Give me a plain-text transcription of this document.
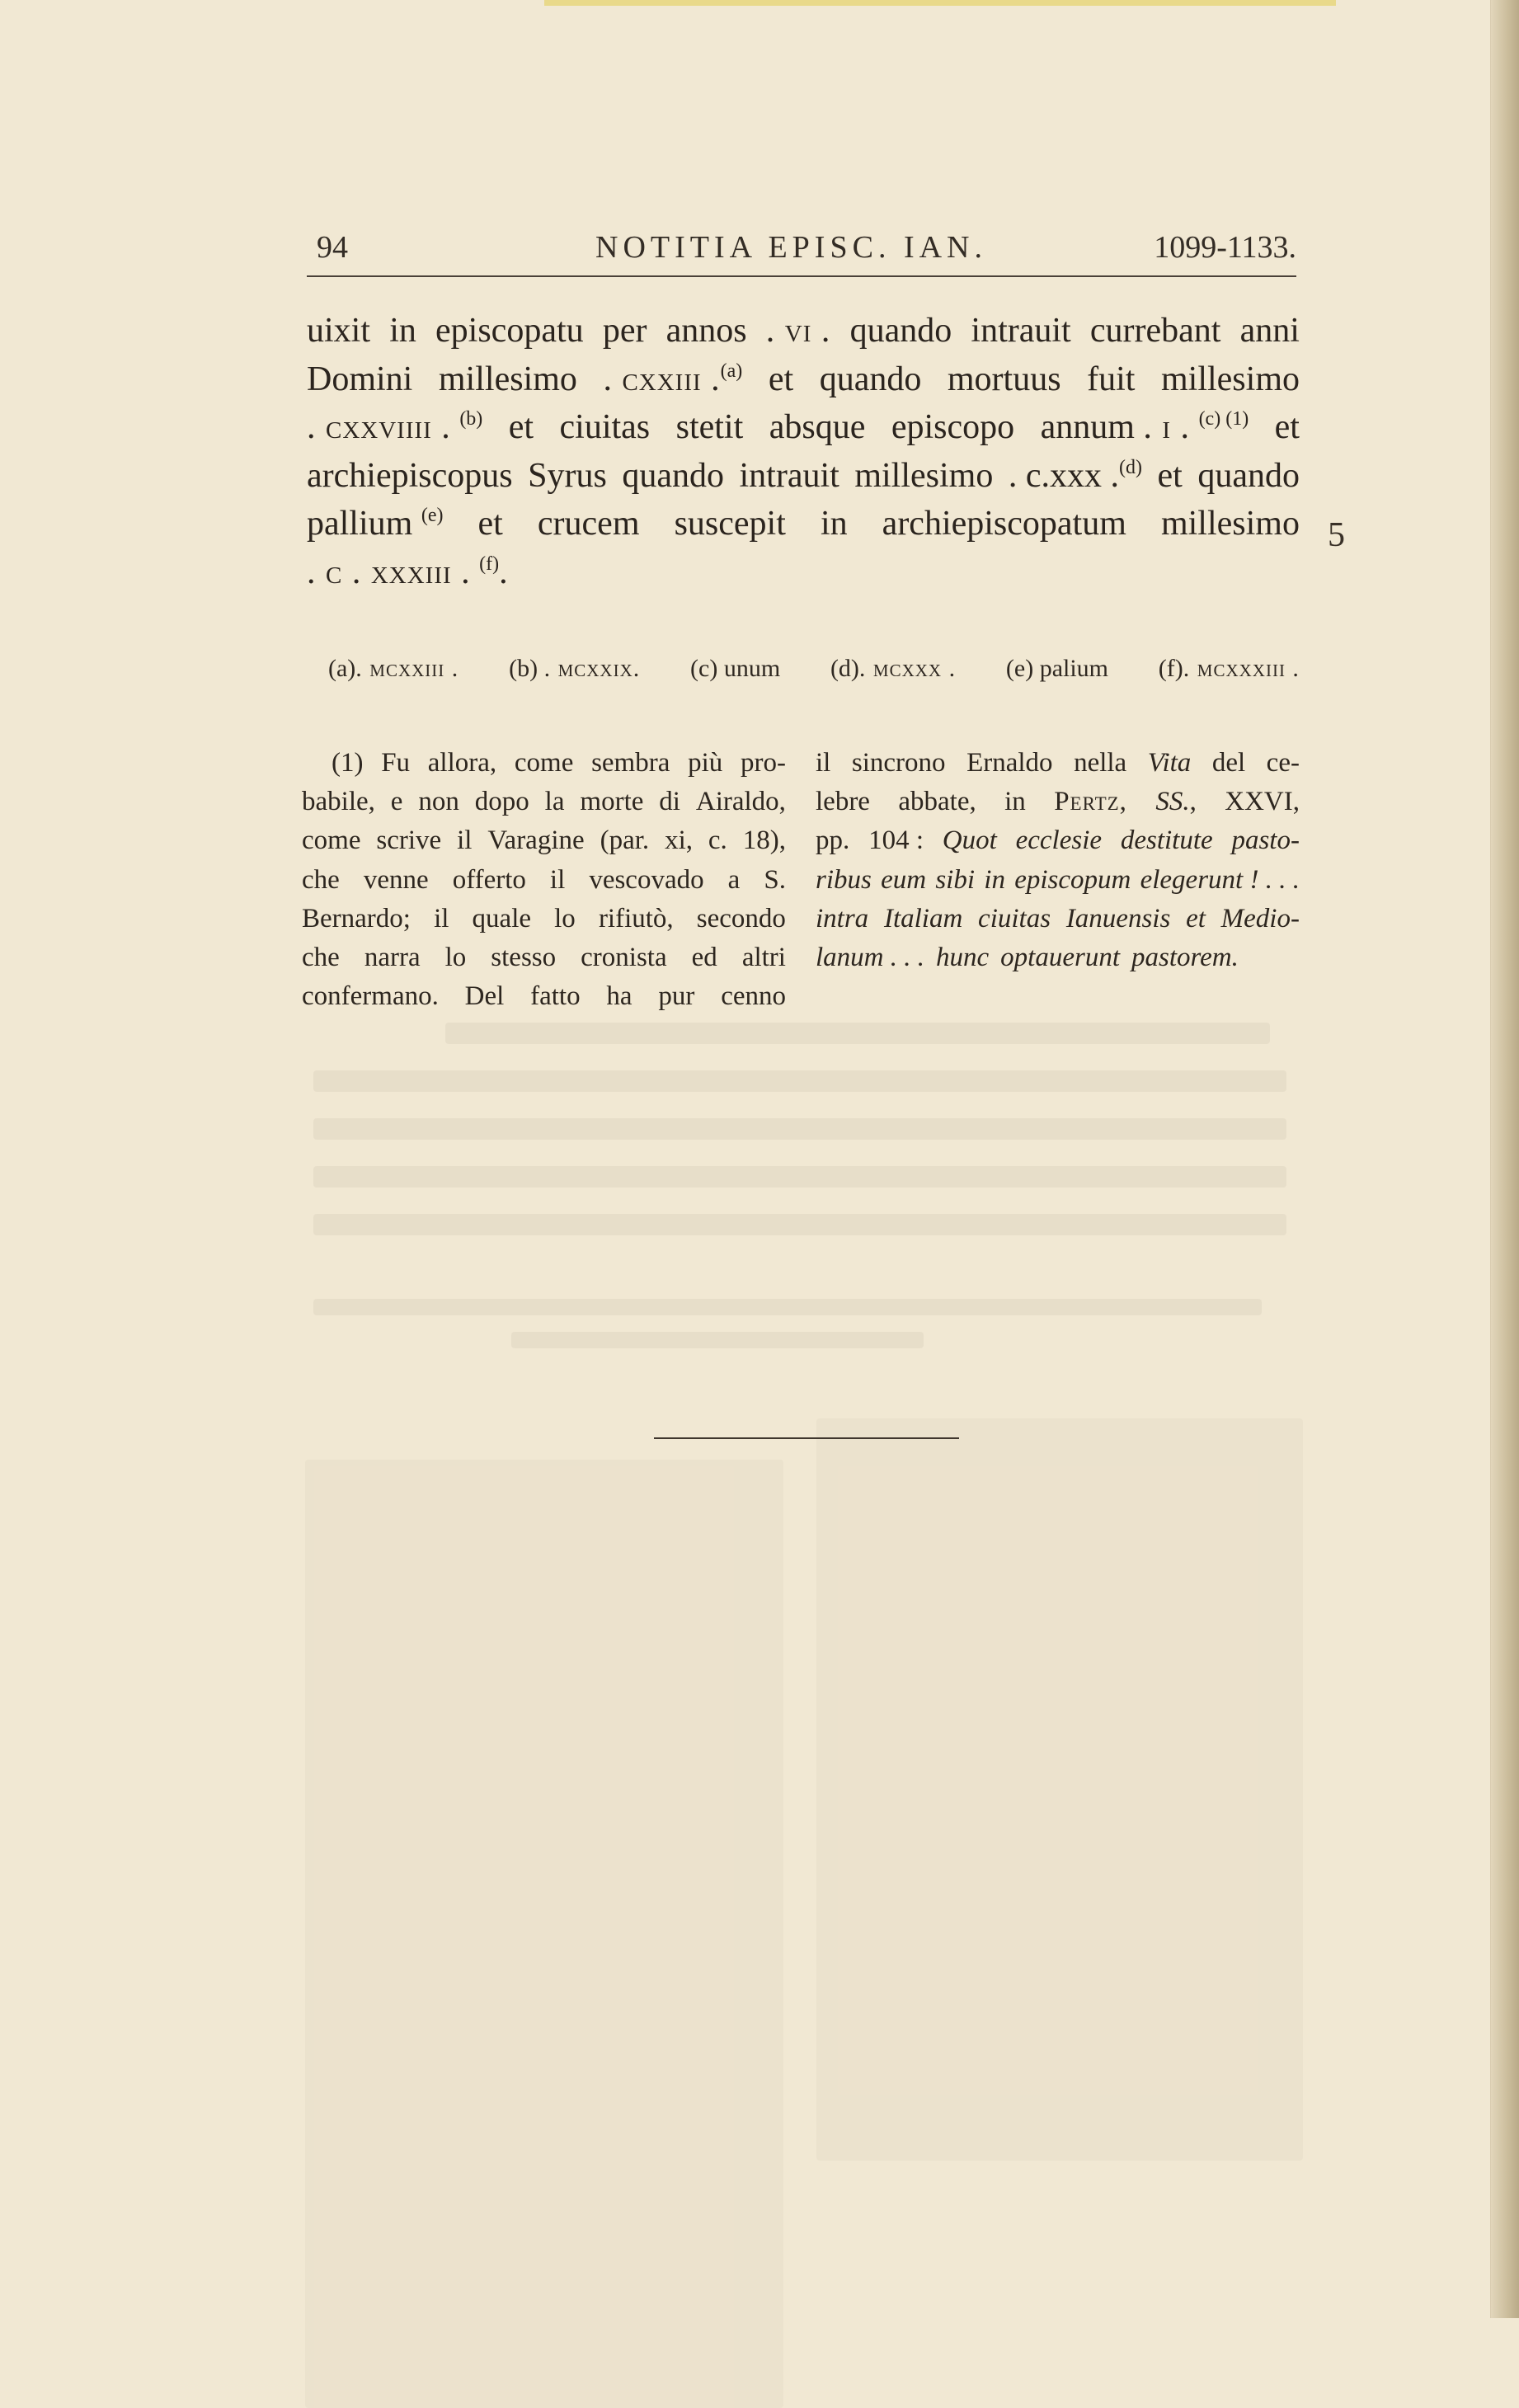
94	NOTITIA EPISC. IAN.	1099-1133.
uixit in episcopatu per annos . vi . quando intrauit currebant anni
Domini millesimo . cxxiii .$^{(a)}$ et quando mortuus fuit millesimo
. cxxviiii . $^{(b)}$ et ciuitas stetit absque episcopo annum . i . $^{(c) (1)}$ et
archiepiscopus Syrus quando intrauit millesimo . c.xxx .$^{(d)}$ et quando
pallium $^{(e)}$ et crucem suscepit in archiepiscopatum millesimo
. c . xxxiii . $^{(f)}$.
5
(a). mcxxiii . (b) . mcxxix. (c) unum (d). mcxxx . (e) palium (f). mcxxxiii .
(1) Fu allora, come sembra più pro-
babile, e non dopo la morte di Airaldo,
come scrive il Varagine (par. xi, c. 18),
che venne offerto il vescovado a S.
Bernardo; il quale lo rifiutò, secondo
che narra lo stesso cronista ed altri
confermano. Del fatto ha pur cenno
il sincrono Ernaldo nella Vita del ce-
lebre abbate, in Pertz, SS., XXVI,
pp. 104 : Quot ecclesie destitute pasto-
ribus eum sibi in episcopum elegerunt ! . . .
intra Italiam ciuitas Ianuensis et Medio-
lanum . . . hunc optauerunt pastorem.
